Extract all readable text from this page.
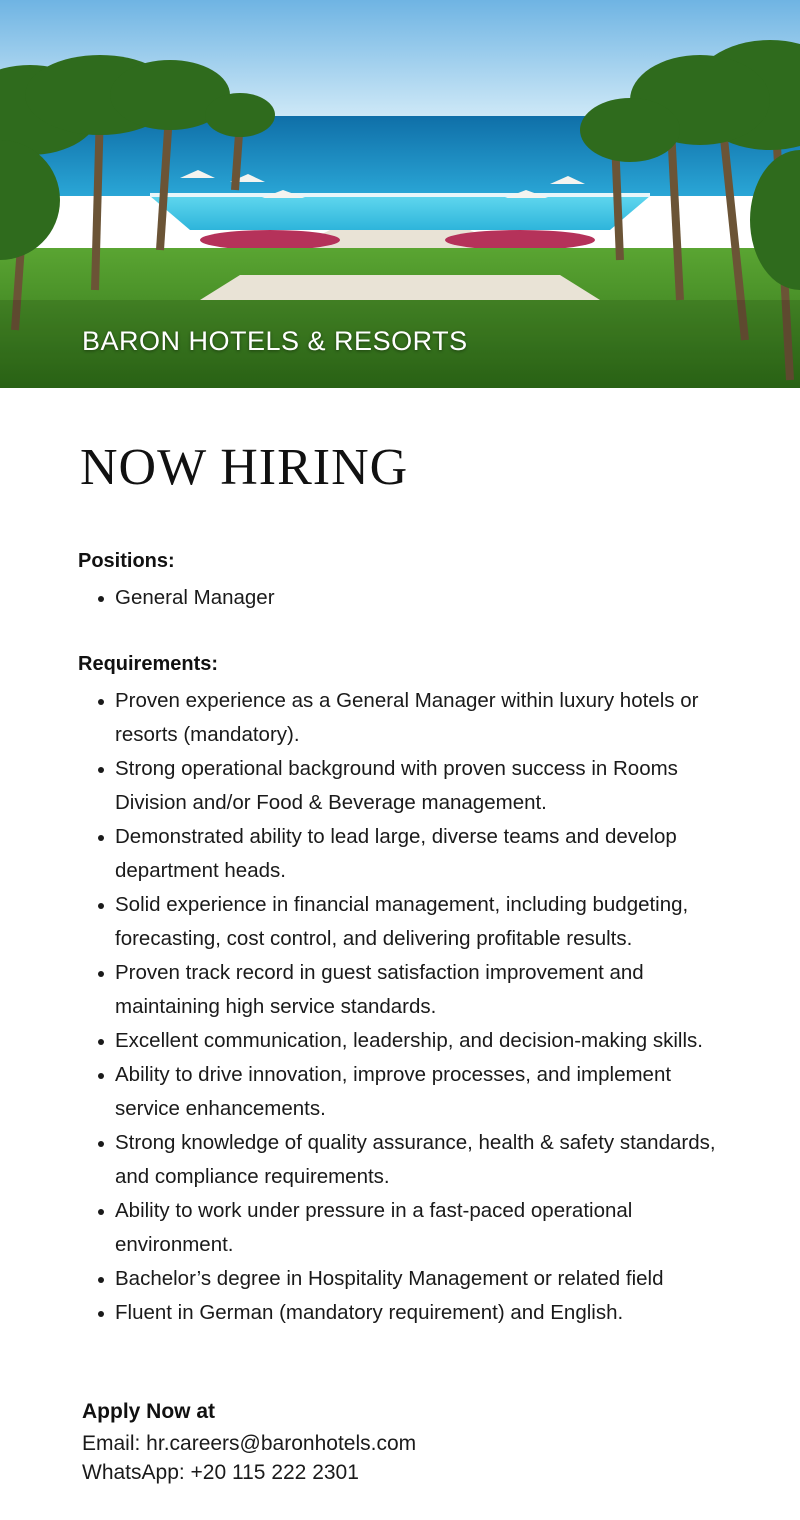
BARON HOTELS & RESORTS
NOW HIRING
Positions:
General Manager
Requirements:
Proven experience as a General Manager within luxury hotels or resorts (mandatory).
Strong operational background with proven success in Rooms Division and/or Food & Beverage management.
Demonstrated ability to lead large, diverse teams and develop department heads.
Solid experience in financial management, including budgeting, forecasting, cost control, and delivering profitable results.
Proven track record in guest satisfaction improvement and maintaining high service standards.
Excellent communication, leadership, and decision-making skills.
Ability to drive innovation, improve processes, and implement service enhancements.
Strong knowledge of quality assurance, health & safety standards, and compliance requirements.
Ability to work under pressure in a fast-paced operational environment.
Bachelor’s degree in Hospitality Management or related field
Fluent in German (mandatory requirement) and English.
Apply Now at
Email: hr.careers@baronhotels.com
WhatsApp: +20 115 222 2301
